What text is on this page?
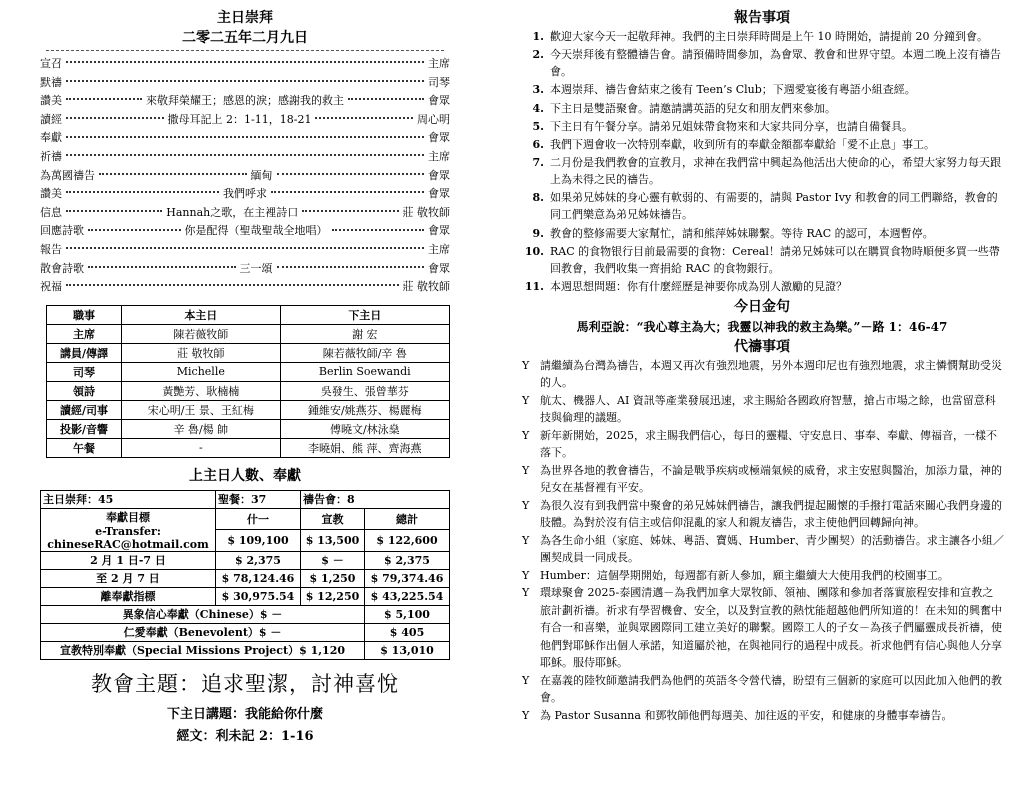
主日崇拜
二零二五年二月九日
宣召	主席
默禱	司琴
讚美	來敬拜榮耀王；感恩的淚；感謝我的救主	會眾
讀經	撒母耳記上 2：1-11，18-21	周心明
奉獻	會眾
祈禱	主席
為萬國禱告	緬甸	會眾
讚美	我們呼求	會眾
信息	Hannah之歌，在主裡詩口	莊 敬牧師
回應詩歌	你是配得（聖哉聖哉全地唱）	會眾
報告	主席
散會詩歌	三一頌	會眾
祝福	莊 敬牧師
職事	本主日	下主日
主席	陳若薇牧師	謝 宏
講員/傳譯	莊 敬牧師	陳若薇牧師/辛 魯
司琴	Michelle	Berlin Soewandi
領詩	黃艷芳、耿楠楠	吳發生、張曾華芬
讀經/司事	宋心明/王 景、王紅梅	鍾維安/姚燕芬、楊麗梅
投影/音響	辛 魯/楊 帥	傅曉文/林泳燊
午餐	-	李曉娟、熊 萍、齊海燕
上主日人數、奉獻
主日崇拜：45	聖餐：37	禱告會：8	

奉獻目標
e-Transfer:
chineseRAC@hotmail.com	什一	宣教	總計
	$ 109,100	$ 13,500	$ 122,600
2 月 1 日-7 日	$ 2,375	$ －	$ 2,375
至 2 月 7 日	$ 78,124.46	$ 1,250	$ 79,374.46
離奉獻指標	$ 30,975.54	$ 12,250	$ 43,225.54
異象信心奉獻（Chinese）$ －			$ 5,100
仁愛奉獻（Benevolent）$ －			$ 405
宣教特別奉獻（Special Missions Project）$ 1,120			$ 13,010
教會主題：追求聖潔，討神喜悅
下主日講題：我能給你什麼
經文：利未記 2：1-16
報告事項
1. 歡迎大家今天一起敬拜神。我們的主日崇拜時間是上午 10 時開始，請提前 20 分鐘到會。
2. 今天崇拜後有整體禱告會。請預備時間參加，為會眾、教會和世界守望。本週二晚上沒有禱告會。
3. 本週崇拜、禱告會結束之後有 Teen’s Club；下週愛宴後有粵語小組查經。
4. 下主日是雙語聚會。請邀請講英語的兒女和朋友們來參加。
5. 下主日有午餐分享。請弟兄姐妹帶食物來和大家共同分享，也請自備餐具。
6. 我們下週會收一次特別奉獻，收到所有的奉獻金額都奉獻給「愛不止息」事工。
7. 二月份是我們教會的宣教月，求神在我們當中興起為他活出大使命的心，希望大家努力每天跟上為未得之民的禱告。
8. 如果弟兄姊妹的身心靈有軟弱的、有需要的，請與 Pastor Ivy 和教會的同工們聯絡，教會的同工們樂意為弟兄姊妹禱告。
9. 教會的整修需要大家幫忙，請和熊萍姊妹聯繫。等待 RAC 的認可，本週暫停。
10. RAC 的食物银行目前最需要的食物：Cereal！請弟兄姊妹可以在購買食物時順便多買一些帶回教會，我們收集一齊捐給 RAC 的食物銀行。
11. 本週思想問題：你有什麼經歷是神要你成為別人激勵的見證？
今日金句
馬利亞說：“我心尊主為大；我靈以神我的救主為樂。”－路 1：46-47
代禱事項
Y 請繼續為台灣為禱告，本週又再次有強烈地震，另外本週印尼也有強烈地震，求主憐憫幫助受災的人。
Y 航太、機器人、AI 資訊等產業發展迅速，求主賜給各國政府智慧，搶占市場之餘，也當留意科技與倫理的議題。
Y 新年新開始，2025，求主賜我們信心，每日的靈糧、守安息日、事奉、奉獻、傳福音，一樣不落下。
Y 為世界各地的教會禱告，不論是戰爭疾病或極端氣候的威脅，求主安慰與醫治，加添力量，神的兒女在基督裡有平安。
Y 為很久沒有到我們當中聚會的弟兄姊妹們禱告，讓我們提起關懷的手撥打電話來關心我們身邊的肢體。為對於沒有信主或信仰混亂的家人和親友禱告，求主使他們回轉歸向神。
Y 為各生命小組（家庭、姊妹、粵語、寶媽、Humber、青少團契）的活動禱告。求主讓各小組／團契成員一同成長。
Y Humber：這個學期開始，每週都有新人參加，願主繼續大大使用我們的校園事工。
Y 環球聚會 2025-泰國清邁－為我們加拿大眾牧師、領袖、團隊和參加者落實旅程安排和宣教之旅計劃祈禱。祈求有學習機會、安全，以及對宣教的熱忱能超越他們所知道的！在未知的興奮中有合一和喜樂，並與眾國際同工建立美好的聯繫。國際工人的子女－為孩子們屬靈成長祈禱，使他們對耶穌作出個人承諾，知道屬於祂，在與祂同行的過程中成長。祈求他們有信心與他人分享耶穌。服侍耶穌。
Y 在嘉義的陸牧師邀請我們為他們的英語冬令營代禱，盼望有三個新的家庭可以因此加入他們的教會。
Y 為 Pastor Susanna 和鄧牧師他們每週美、加往返的平安，和健康的身體事奉禱告。
